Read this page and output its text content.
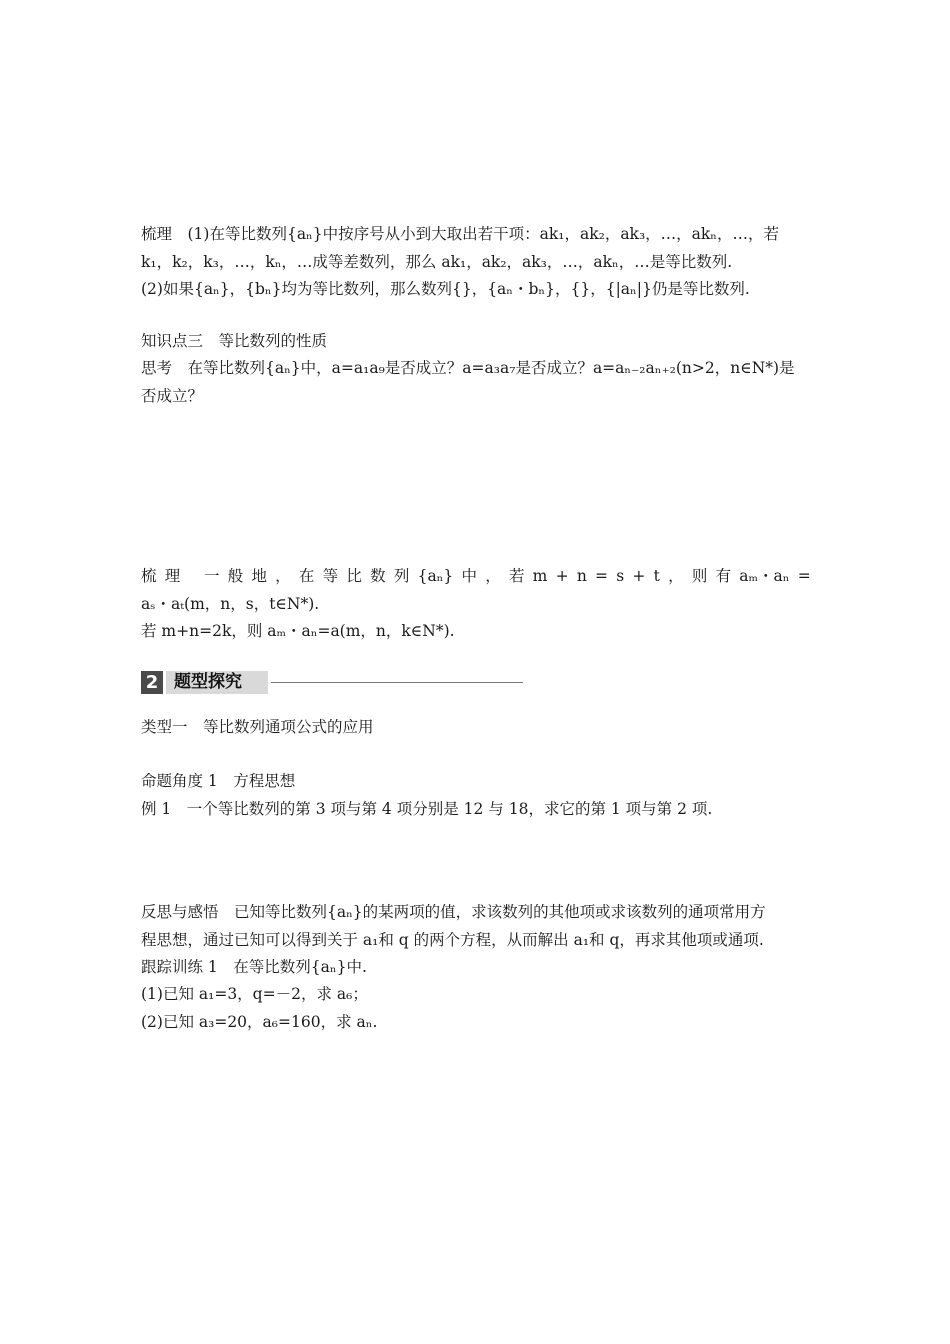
梳理　(1)在等比数列{aₙ}中按序号从小到大取出若干项：ak₁，ak₂，ak₃，…，akₙ，…，若
k₁，k₂，k₃，…，kₙ，…成等差数列，那么 ak₁，ak₂，ak₃，…，akₙ，…是等比数列.
(2)如果{aₙ}，{bₙ}均为等比数列，那么数列{}，{aₙ・bₙ}，{}，{|aₙ|}仍是等比数列.
知识点三　等比数列的性质
思考　在等比数列{aₙ}中，a=a₁a₉是否成立？a=a₃a₇是否成立？a=aₙ₋₂aₙ₊₂(n>2，n∈N*)是
否成立？
梳 理 　一 般 地 ， 在 等 比 数 列 {aₙ} 中 ， 若 m + n = s + t ， 则 有 aₘ・aₙ =
aₛ・aₜ(m，n，s，t∈N*).
若 m+n=2k，则 aₘ・aₙ=a(m，n，k∈N*).
2 题型探究
类型一　等比数列通项公式的应用
命题角度 1　方程思想
例 1　一个等比数列的第 3 项与第 4 项分别是 12 与 18，求它的第 1 项与第 2 项.
反思与感悟　已知等比数列{aₙ}的某两项的值，求该数列的其他项或求该数列的通项常用方
程思想，通过已知可以得到关于 a₁和 q 的两个方程，从而解出 a₁和 q，再求其他项或通项.
跟踪训练 1　在等比数列{aₙ}中.
(1)已知 a₁=3，q=－2，求 a₆；
(2)已知 a₃=20，a₆=160，求 aₙ.
